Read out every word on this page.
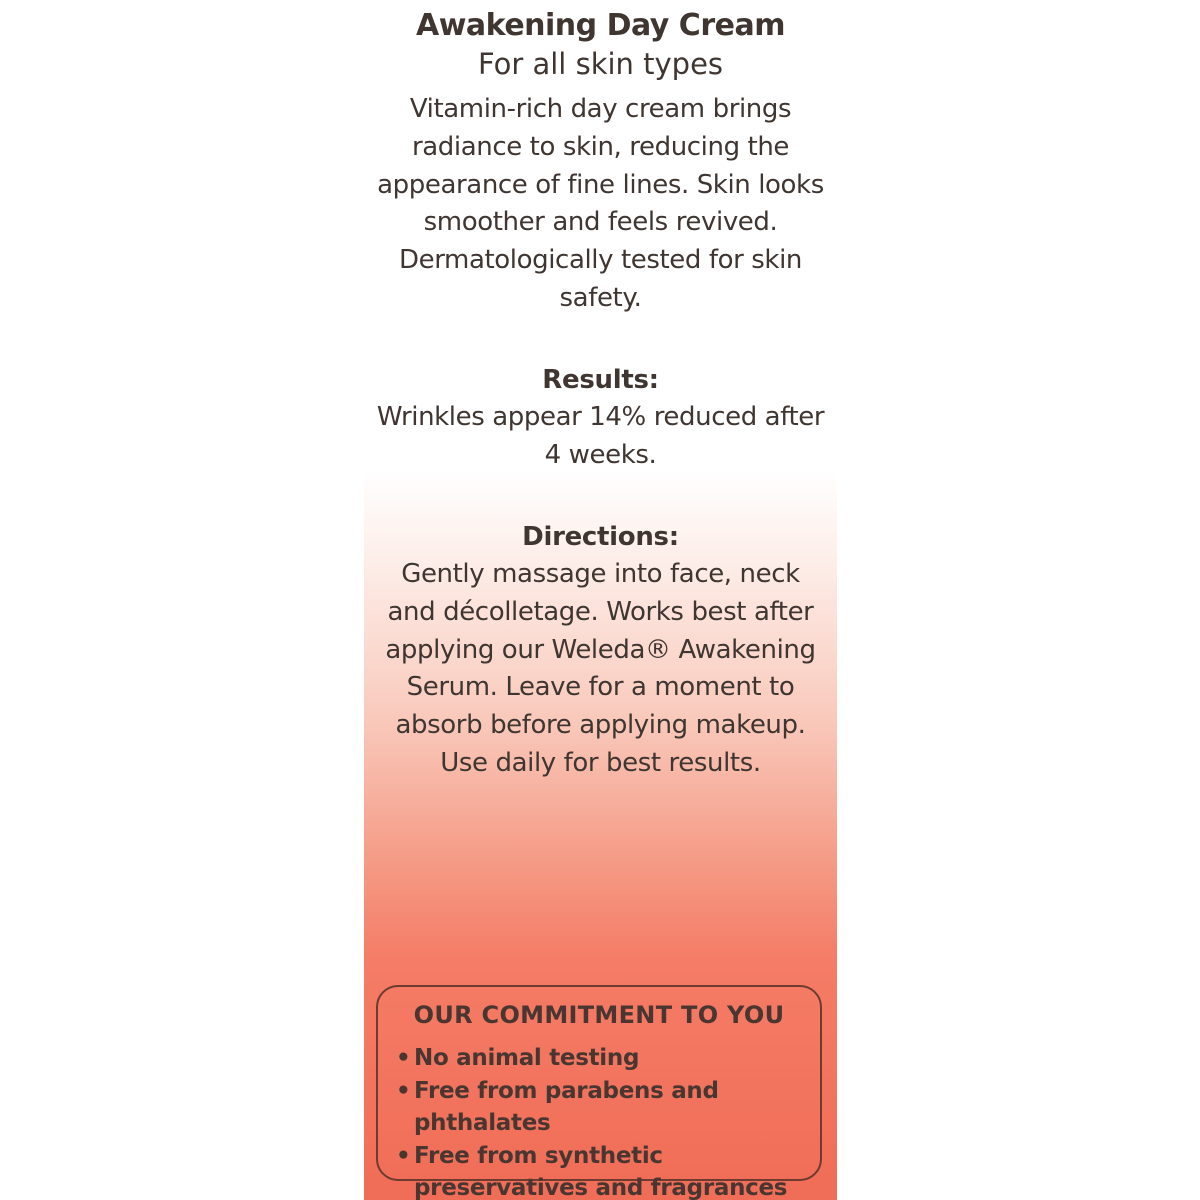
Awakening Day Cream
For all skin types
Vitamin-rich day cream brings radiance to skin, reducing the appearance of fine lines. Skin looks smoother and feels revived. Dermatologically tested for skin safety.
Results:
Wrinkles appear 14% reduced after 4 weeks.
Directions:
Gently massage into face, neck and décolletage. Works best after applying our Weleda® Awakening Serum. Leave for a moment to absorb before applying makeup. Use daily for best results.
OUR COMMITMENT TO YOU
• No animal testing
• Free from parabens and phthalates
• Free from synthetic
preservatives and fragrances
